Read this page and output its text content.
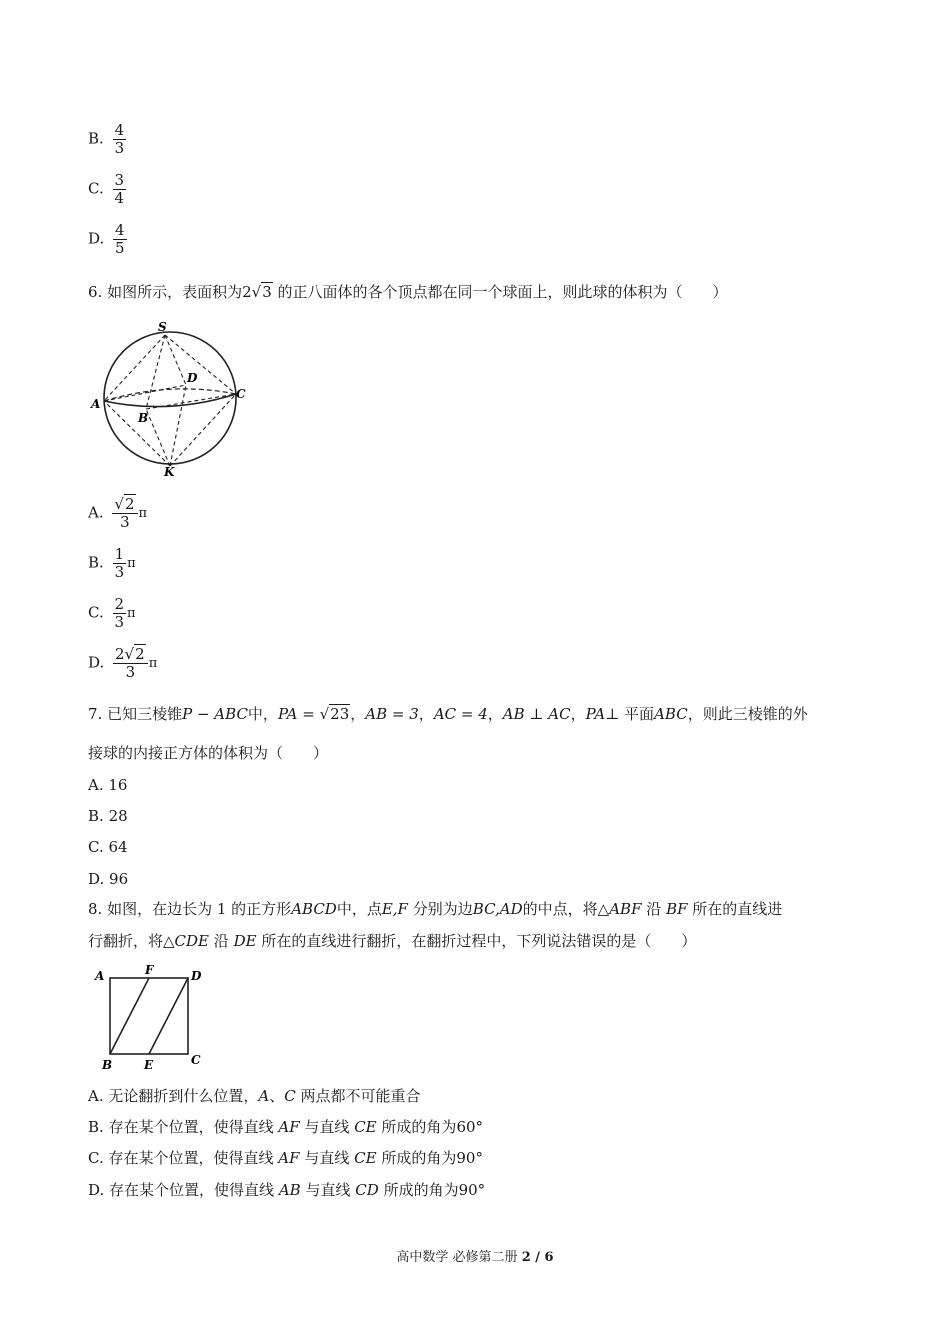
B. $\frac{4}{3}$
C. $\frac{3}{4}$
D. $\frac{4}{5}$
6. 如图所示，表面积为2√3 的正八面体的各个顶点都在同一个球面上，则此球的体积为（　　）
S
D
A
C
B
K
A. $\frac{√2}{3}$ π
B. $\frac{1}{3}$ π
C. $\frac{2}{3}$ π
D. $\frac{2√2}{3}$ π
7. 已知三棱锥P − ABC中，PA = √23，AB = 3，AC = 4，AB ⊥ AC，PA⊥ 平面ABC，则此三棱锥的外
接球的内接正方体的体积为（　　）
A. 16
B. 28
C. 64
D. 96
8. 如图，在边长为 1 的正方形ABCD中，点E,F 分别为边BC,AD的中点，将△ABF 沿 BF 所在的直线进
行翻折，将△CDE 沿 DE 所在的直线进行翻折，在翻折过程中，下列说法错误的是（　　）
A	F	D
B	E	C
A. 无论翻折到什么位置，A、C 两点都不可能重合
B. 存在某个位置，使得直线 AF 与直线 CE 所成的角为60°
C. 存在某个位置，使得直线 AF 与直线 CE 所成的角为90°
D. 存在某个位置，使得直线 AB 与直线 CD 所成的角为90°
高中数学 必修第二册 2 / 6
